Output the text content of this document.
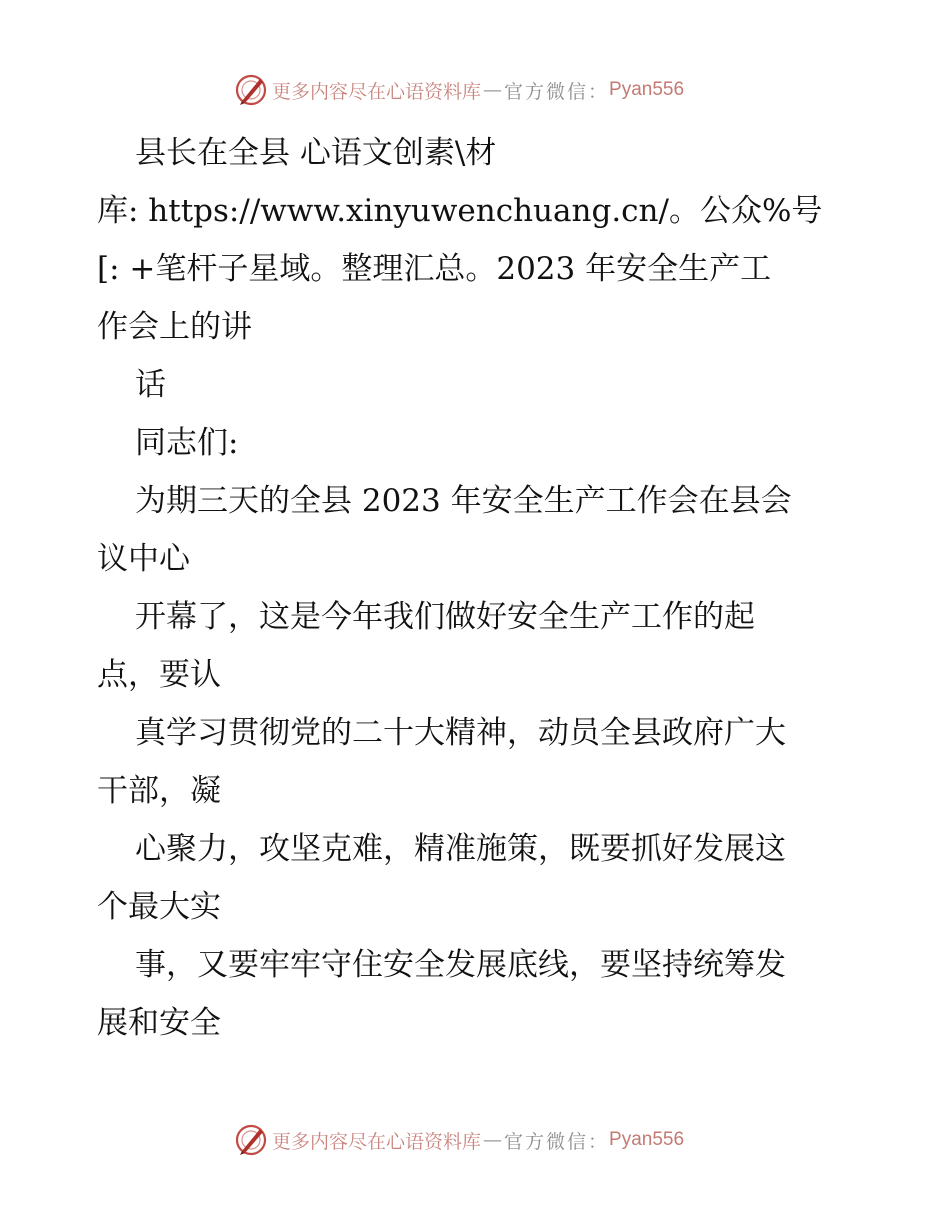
更多内容尽在心语资料库 — 官方微信： Pyan556
县长在全县 心语文创素\材
库: https://www.xinyuwenchuang.cn/。公众%号
[: +笔杆子星域。整理汇总。2023 年安全生产工
作会上的讲
话
同志们:
为期三天的全县 2023 年安全生产工作会在县会
议中心
开幕了，这是今年我们做好安全生产工作的起
点，要认
真学习贯彻党的二十大精神，动员全县政府广大
干部，凝
心聚力，攻坚克难，精准施策，既要抓好发展这
个最大实
事，又要牢牢守住安全发展底线，要坚持统筹发
展和安全
更多内容尽在心语资料库 — 官方微信： Pyan556
